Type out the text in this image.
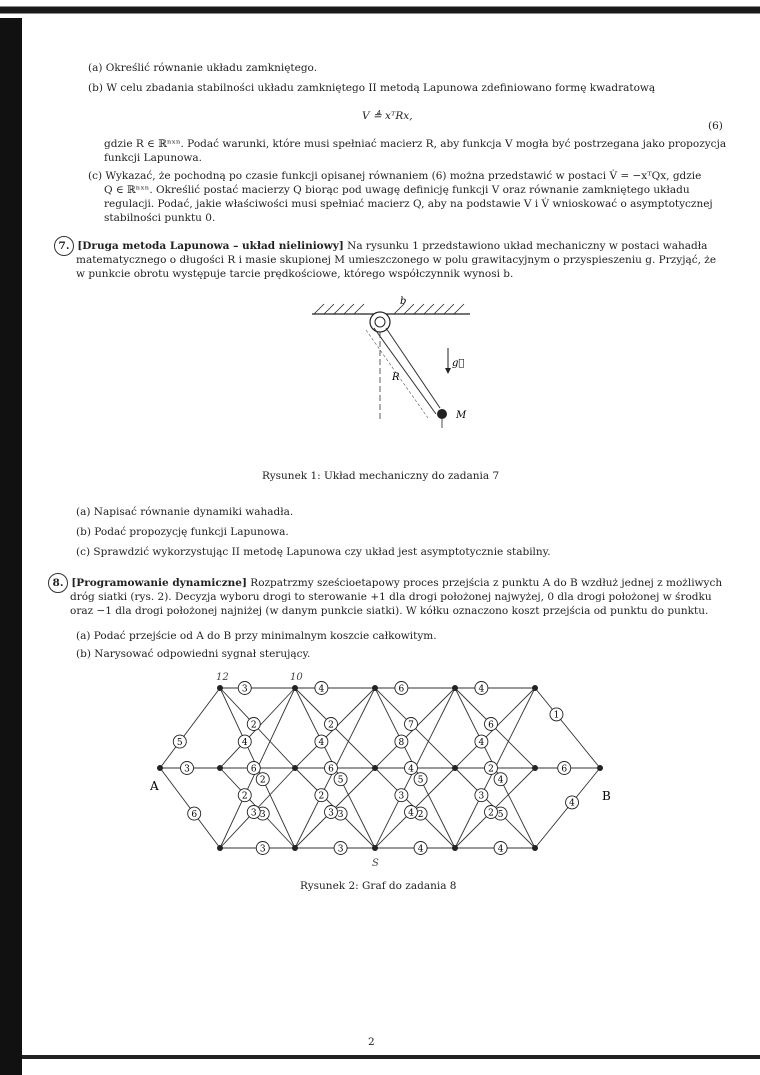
(a) Określić równanie układu zamkniętego.
(b) W celu zbadania stabilności układu zamkniętego II metodą Lapunowa zdefiniowano formę kwadratową
V ≜ xᵀRx,
(6)
gdzie R ∈ ℝⁿˣⁿ. Podać warunki, które musi spełniać macierz R, aby funkcja V mogła być postrzegana jako propozycja
funkcji Lapunowa.
(c) Wykazać, że pochodną po czasie funkcji opisanej równaniem (6) można przedstawić w postaci V̇ = −xᵀQx, gdzie
Q ∈ ℝⁿˣⁿ. Określić postać macierzy Q biorąc pod uwagę definicję funkcji V oraz równanie zamkniętego układu
regulacji. Podać, jakie właściwości musi spełniać macierz Q, aby na podstawie V i V̇ wnioskować o asymptotycznej
stabilności punktu 0.
7. [Druga metoda Lapunowa – układ nieliniowy] Na rysunku 1 przedstawiono układ mechaniczny w postaci wahadła
matematycznego o długości R i masie skupionej M umieszczonego w polu grawitacyjnym o przyspieszeniu g. Przyjąć, że
w punkcie obrotu występuje tarcie prędkościowe, którego współczynnik wynosi b.
b
R
M
g⃗
Rysunek 1: Układ mechaniczny do zadania 7
(a) Napisać równanie dynamiki wahadła.
(b) Podać propozycję funkcji Lapunowa.
(c) Sprawdzić wykorzystując II metodę Lapunowa czy układ jest asymptotycznie stabilny.
8. [Programowanie dynamiczne] Rozpatrzmy sześcioetapowy proces przejścia z punktu A do B wzdłuż jednej z możliwych
dróg siatki (rys. 2). Decyzja wyboru drogi to sterowanie +1 dla drogi położonej najwyżej, 0 dla drogi położonej w środku
oraz −1 dla drogi położonej najniżej (w danym punkcie siatki). W kółku oznaczono koszt przejścia od punktu do punktu.
(a) Podać przejście od A do B przy minimalnym koszcie całkowitym.
(b) Narysować odpowiedni sygnał sterujący.
5
3
6
3
2
2
4
6
3
2
3
3
4
2
5
4
6
3
2
3
3
6
7
5
8
4
2
3
4
4
4
6
4
4
2
5
3
2
4
1
6
4
A
B
12	10
S
Rysunek 2: Graf do zadania 8
2
